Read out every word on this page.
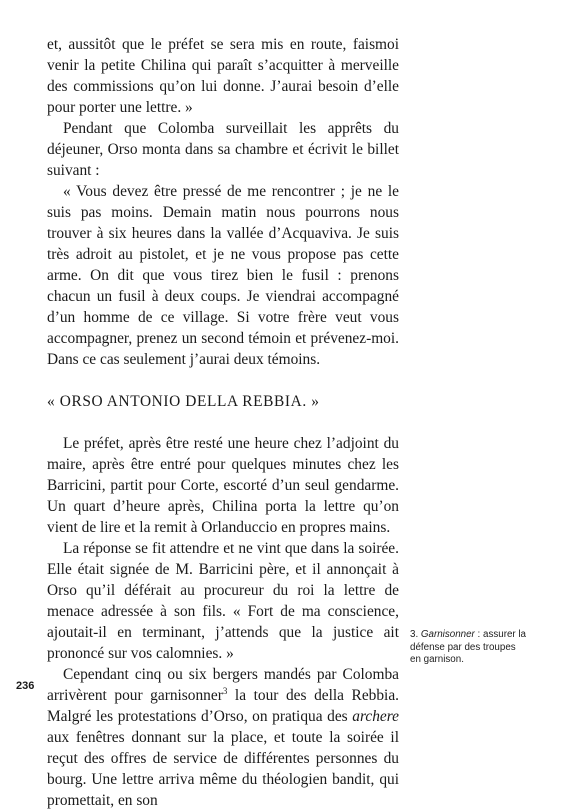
et, aussitôt que le préfet se sera mis en route, faismoi venir la petite Chilina qui paraît s’acquitter à merveille des commissions qu’on lui donne. J’aurai besoin d’elle pour porter une lettre. »

Pendant que Colomba surveillait les apprêts du déjeuner, Orso monta dans sa chambre et écrivit le billet suivant :

« Vous devez être pressé de me rencontrer ; je ne le suis pas moins. Demain matin nous pourrons nous trouver à six heures dans la vallée d’Acquaviva. Je suis très adroit au pistolet, et je ne vous propose pas cette arme. On dit que vous tirez bien le fusil : prenons chacun un fusil à deux coups. Je viendrai accompagné d’un homme de ce village. Si votre frère veut vous accompagner, prenez un second témoin et prévenez-moi. Dans ce cas seulement j’aurai deux témoins.

« ORSO ANTONIO DELLA REBBIA. »

Le préfet, après être resté une heure chez l’adjoint du maire, après être entré pour quelques minutes chez les Barricini, partit pour Corte, escorté d’un seul gendarme. Un quart d’heure après, Chilina porta la lettre qu’on vient de lire et la remit à Orlanduccio en propres mains.

La réponse se fit attendre et ne vint que dans la soirée. Elle était signée de M. Barricini père, et il annonçait à Orso qu’il déférait au procureur du roi la lettre de menace adressée à son fils. « Fort de ma conscience, ajoutait-il en terminant, j’attends que la justice ait prononcé sur vos calomnies. »

Cependant cinq ou six bergers mandés par Colomba arrivèrent pour garnisonner$^3$ la tour des della Rebbia. Malgré les protestations d’Orso, on pratiqua des archere aux fenêtres donnant sur la place, et toute la soirée il reçut des offres de service de différentes personnes du bourg. Une lettre arriva même du théologien bandit, qui promettait, en son

3. Garnisonner : assurer la défense par des troupes en garnison.
236
